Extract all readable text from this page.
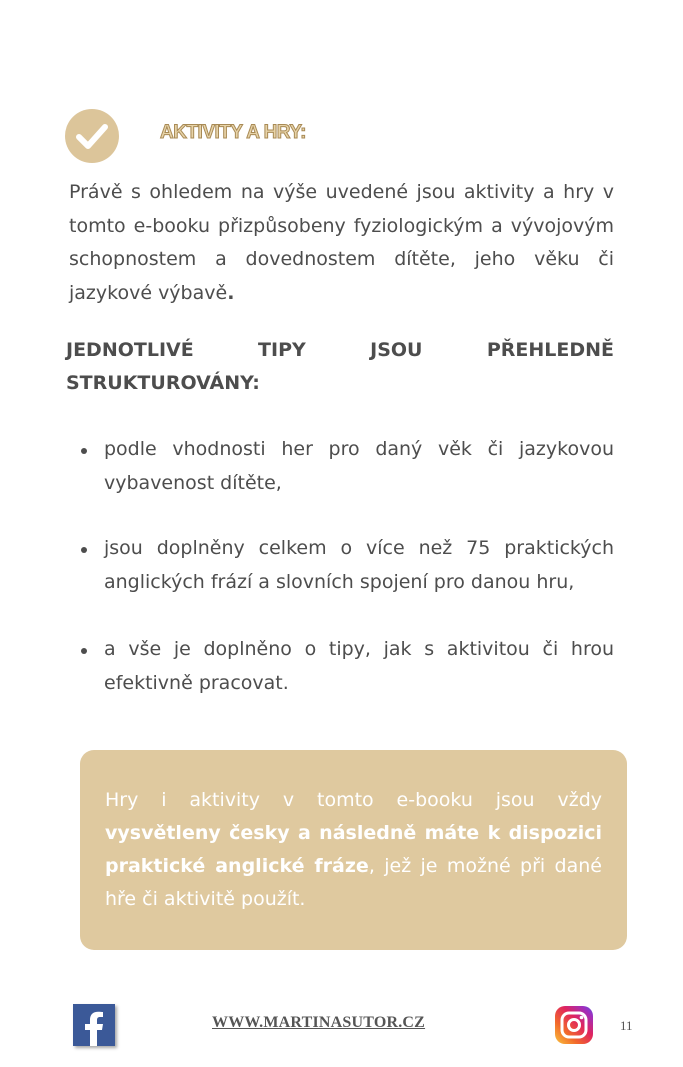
AKTIVITY A HRY:

Právě s ohledem na výše uvedené jsou aktivity a hry v tomto e-booku přizpůsobeny fyziologickým a vývojovým schopnostem a dovednostem dítěte, jeho věku či jazykové výbavě.

JEDNOTLIVÉ TIPY JSOU PŘEHLEDNĚ STRUKTUROVÁNY:
podle vhodnosti her pro daný věk či jazykovou vybavenost dítěte,
jsou doplněny celkem o více než 75 praktických anglických frází a slovních spojení pro danou hru,
a vše je doplněno o tipy, jak s aktivitou či hrou efektivně pracovat.

Hry i aktivity v tomto e-booku jsou vždy vysvětleny česky a následně máte k dispozici praktické anglické fráze, jež je možné při dané hře či aktivitě použít.

WWW.MARTINASUTOR.CZ	11
